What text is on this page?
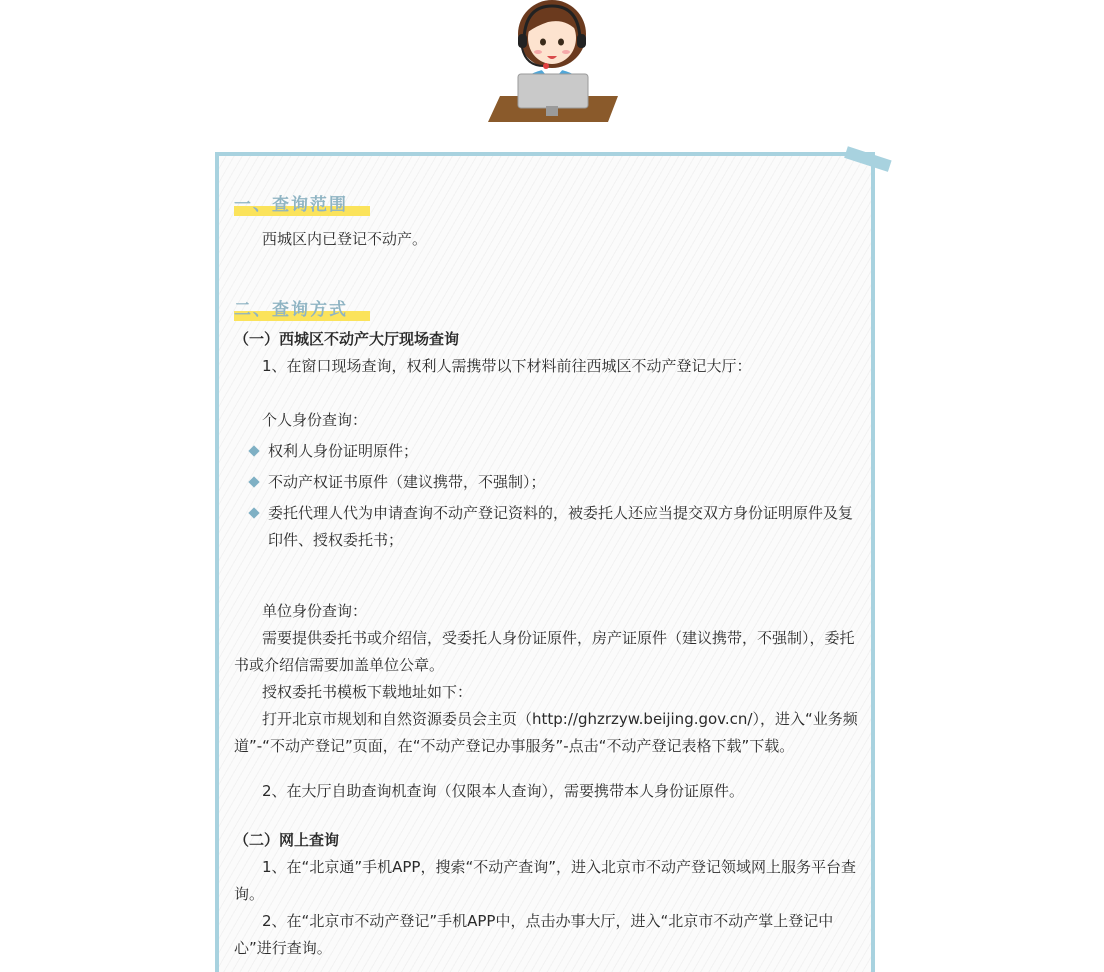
一、查询范围

西城区内已登记不动产。

二、查询方式

（一）西城区不动产大厅现场查询

1、在窗口现场查询，权利人需携带以下材料前往西城区不动产登记大厅：

个人身份查询：

权利人身份证明原件；
不动产权证书原件（建议携带，不强制）；
委托代理人代为申请查询不动产登记资料的，被委托人还应当提交双方身份证明原件及复印件、授权委托书；

单位身份查询：

需要提供委托书或介绍信，受委托人身份证原件，房产证原件（建议携带，不强制），委托书或介绍信需要加盖单位公章。

授权委托书模板下载地址如下：

打开北京市规划和自然资源委员会主页（http://ghzrzyw.beijing.gov.cn/），进入“业务频道”-“不动产登记”页面，在“不动产登记办事服务”-点击“不动产登记表格下载”下载。

2、在大厅自助查询机查询（仅限本人查询），需要携带本人身份证原件。

（二）网上查询

1、在“北京通”手机APP，搜索“不动产查询”，进入北京市不动产登记领域网上服务平台查询。

2、在“北京市不动产登记”手机APP中，点击办事大厅，进入“北京市不动产掌上登记中心”进行查询。
